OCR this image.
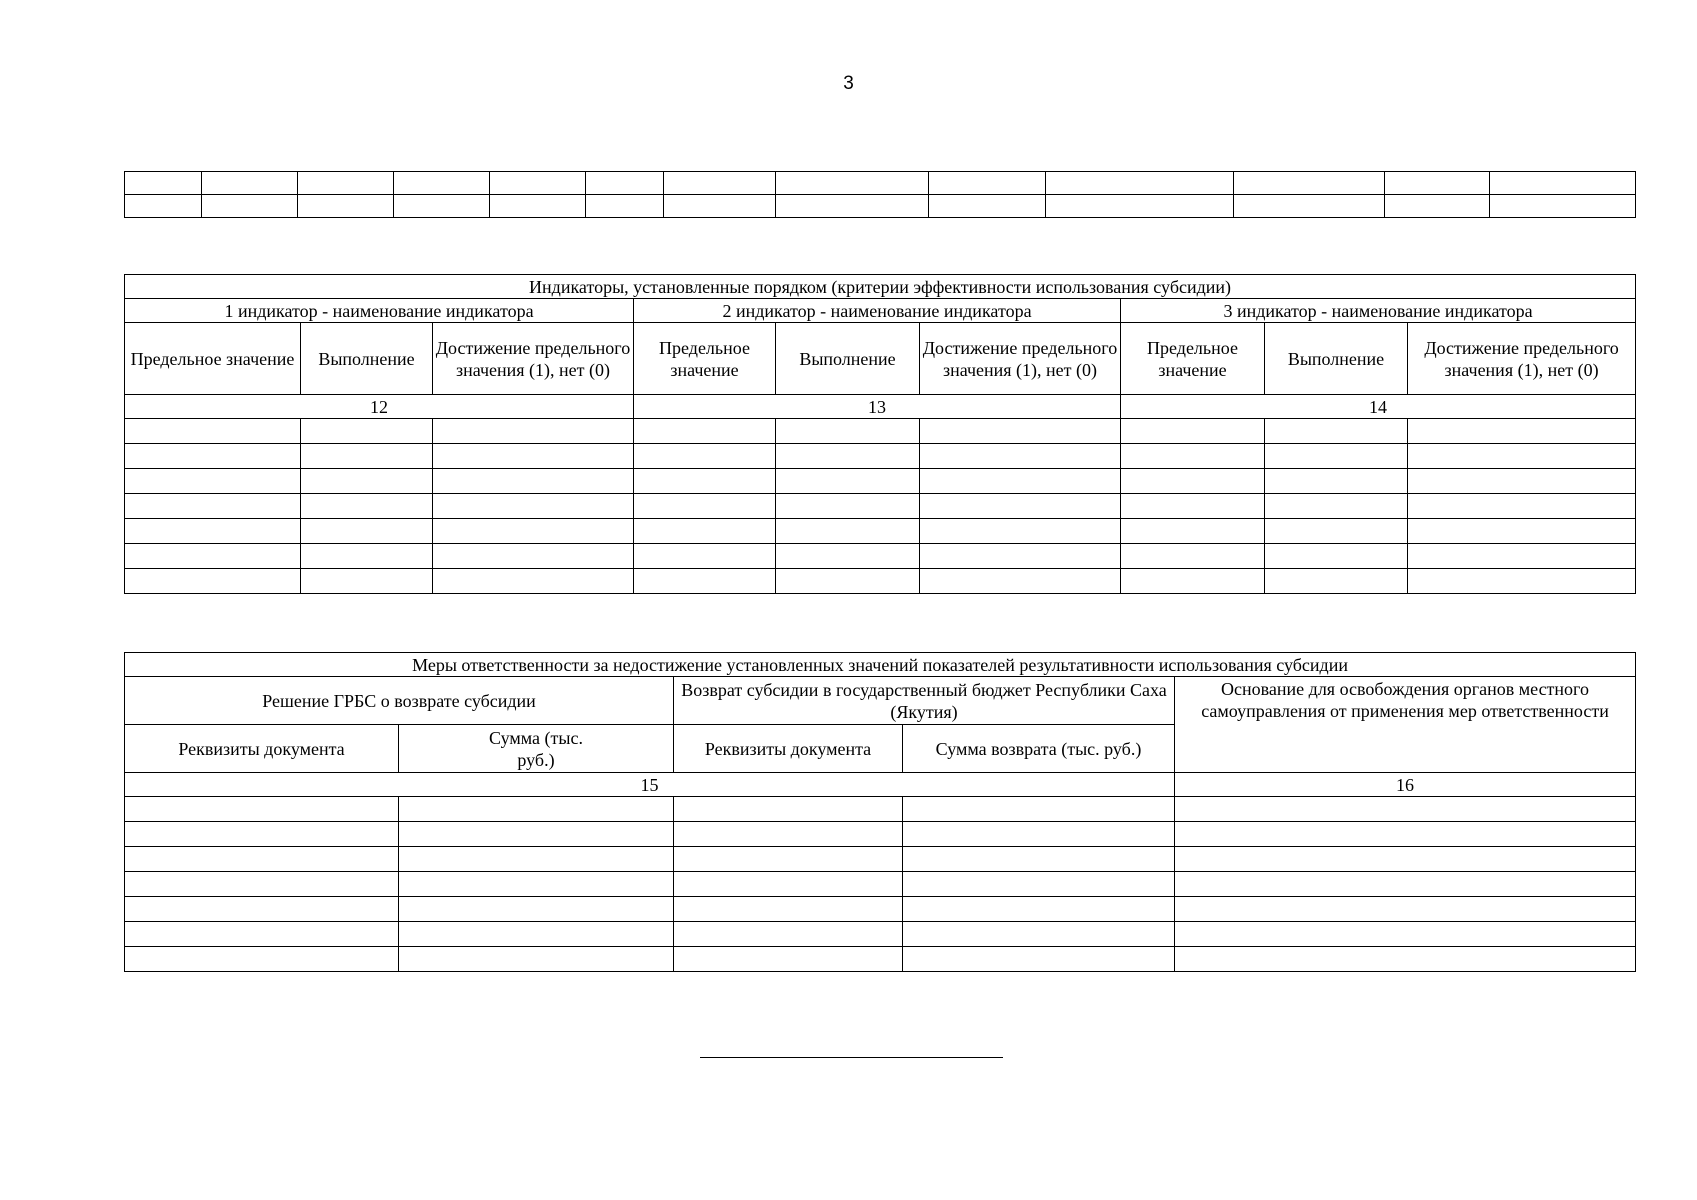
3

Индикаторы, установленные порядком (критерии эффективности использования субсидии)								
1 индикатор - наименование индикатора			2 индикатор - наименование индикатора			3 индикатор - наименование индикатора		
Предельное значение	Выполнение	Достижение предельного значения (1), нет (0)	Предельное значение	Выполнение	Достижение предельного значения (1), нет (0)	Предельное значение	Выполнение	Достижение предельного значения (1), нет (0)
12			13			14		

Меры ответственности за недостижение установленных значений показателей результативности использования субсидии				
Решение ГРБС о возврате субсидии		Возврат субсидии в государственный бюджет Республики Саха (Якутия)		Основание для освобождения органов местного самоуправления от применения мер ответственности
Реквизиты документа	Сумма (тыс. руб.)	Реквизиты документа	Сумма возврата (тыс. руб.)	
15				16
